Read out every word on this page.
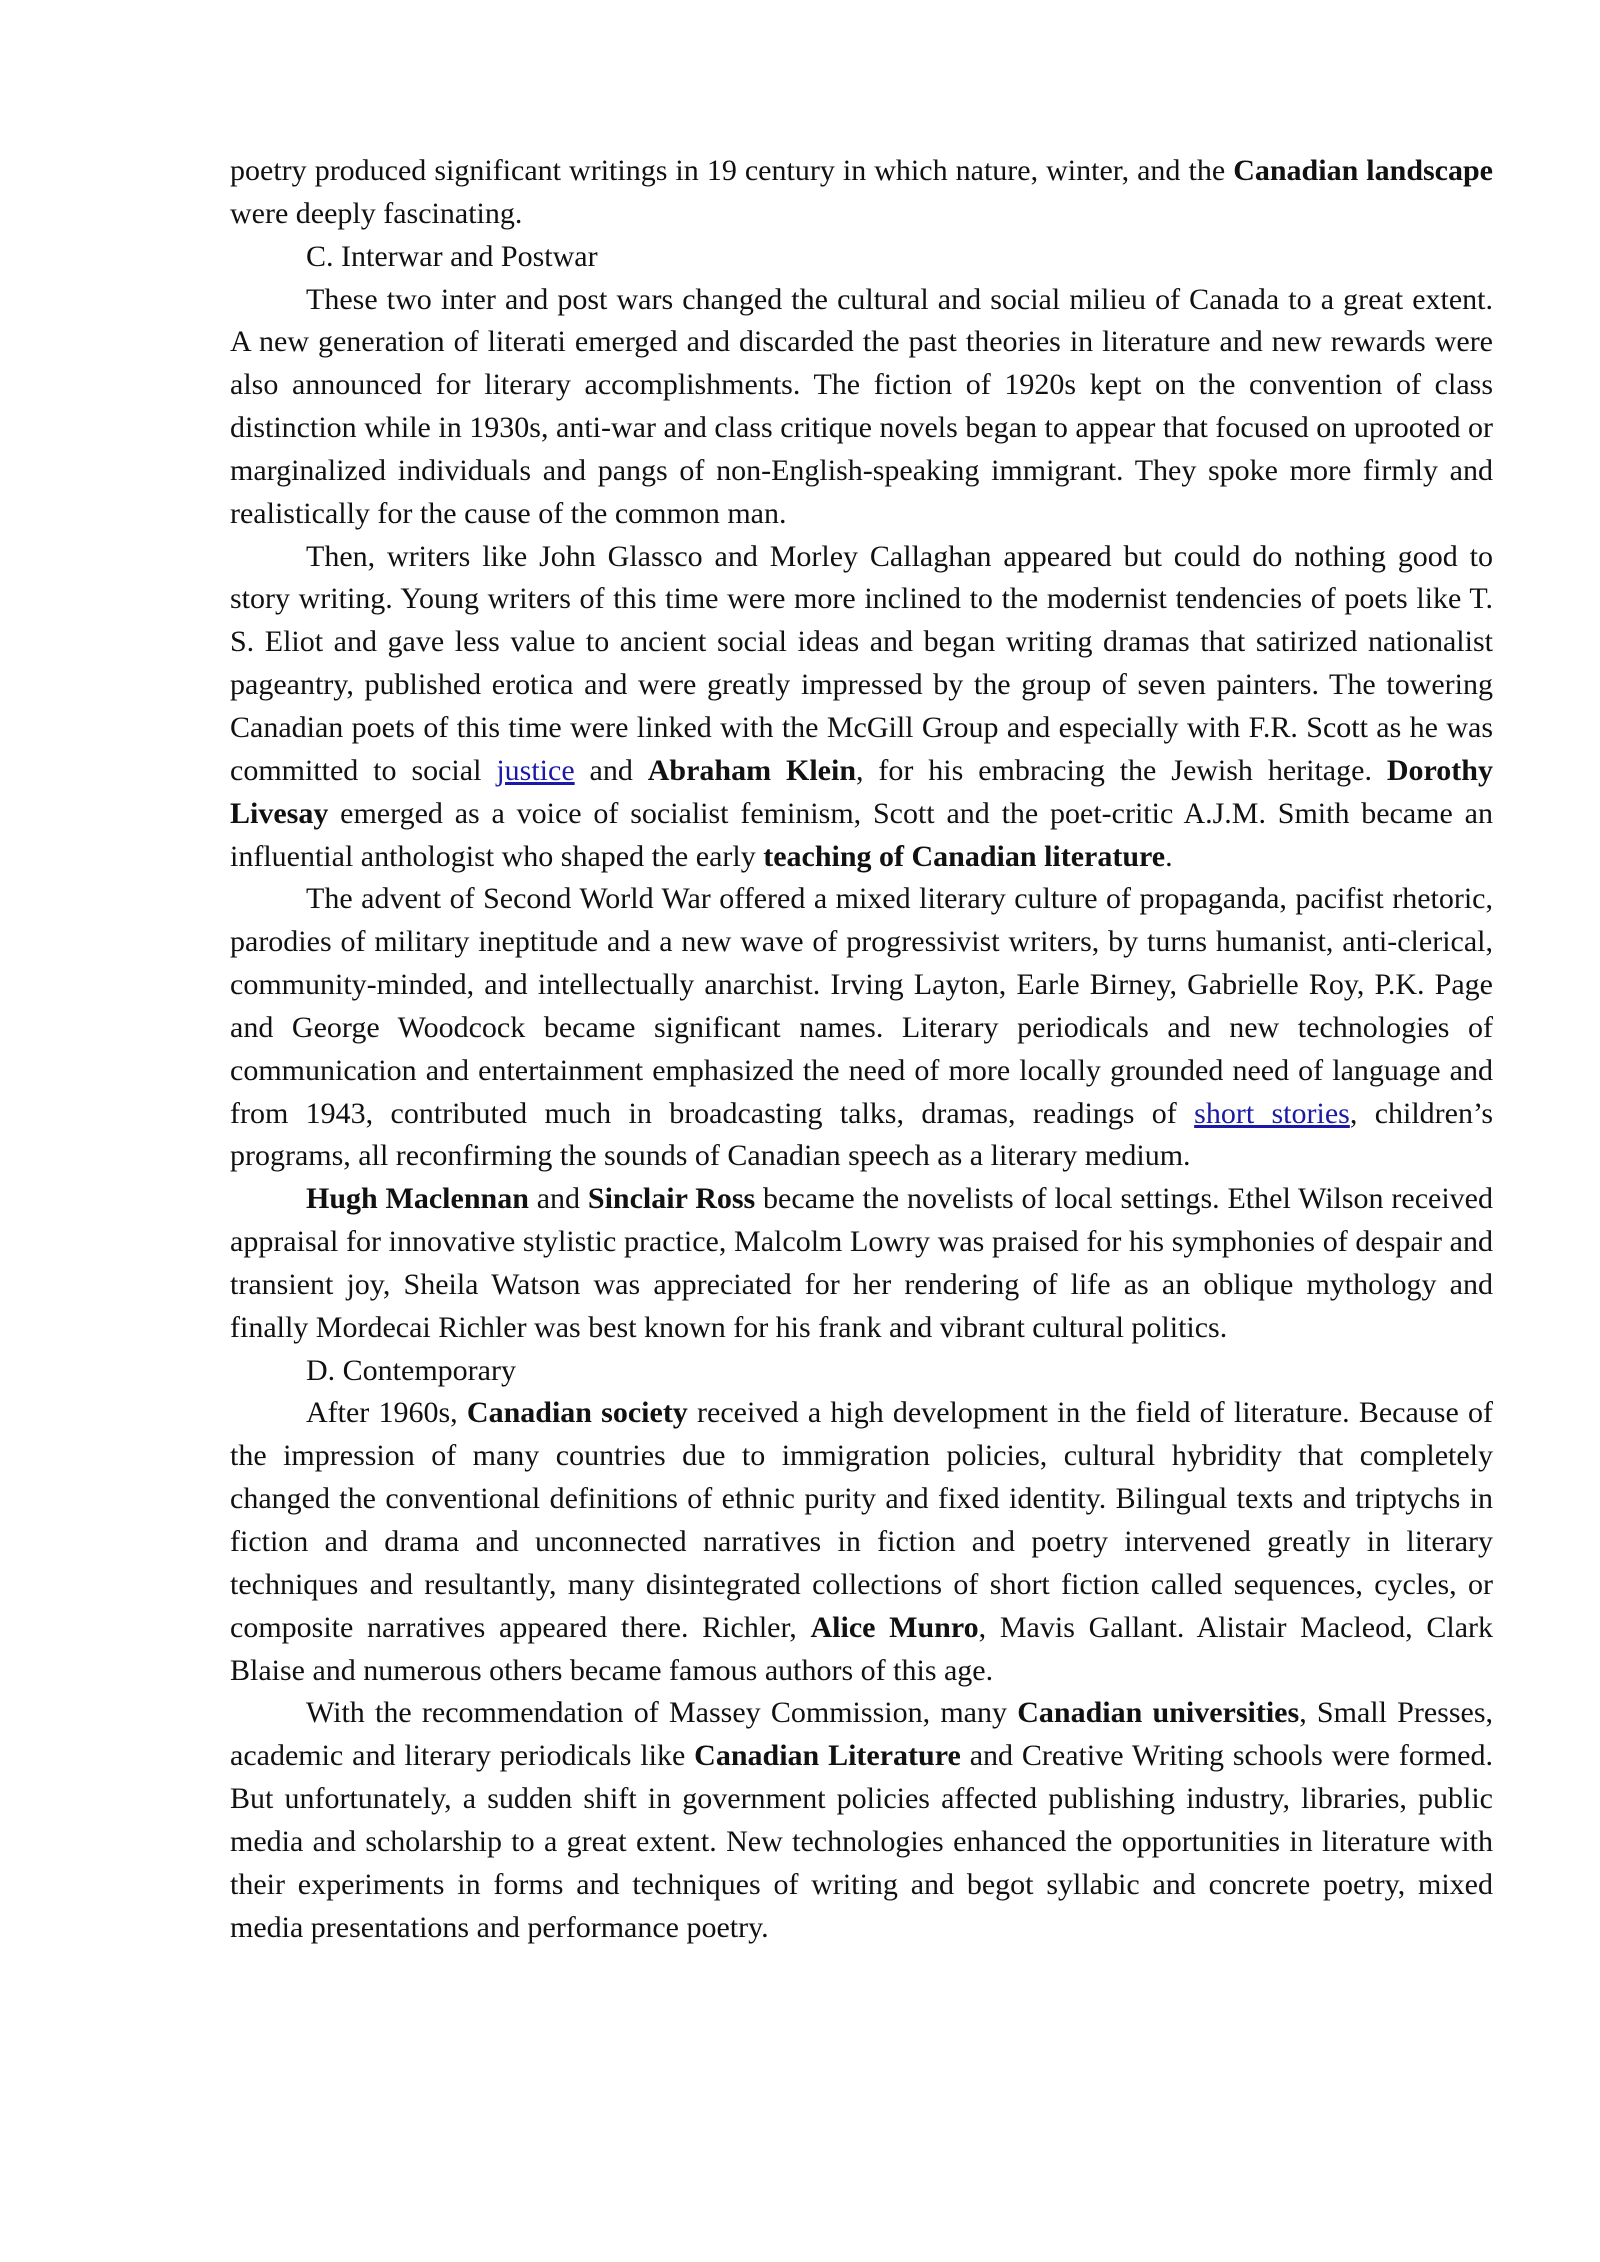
poetry produced significant writings in 19 century in which nature, winter, and the Canadian landscape were deeply fascinating.

C. Interwar and Postwar

These two inter and post wars changed the cultural and social milieu of Canada to a great extent. A new generation of literati emerged and discarded the past theories in literature and new rewards were also announced for literary accomplishments. The fiction of 1920s kept on the convention of class distinction while in 1930s, anti-war and class critique novels began to appear that focused on uprooted or marginalized individuals and pangs of non-English-speaking immigrant. They spoke more firmly and realistically for the cause of the common man.

Then, writers like John Glassco and Morley Callaghan appeared but could do nothing good to story writing. Young writers of this time were more inclined to the modernist tendencies of poets like T. S. Eliot and gave less value to ancient social ideas and began writing dramas that satirized nationalist pageantry, published erotica and were greatly impressed by the group of seven painters. The towering Canadian poets of this time were linked with the McGill Group and especially with F.R. Scott as he was committed to social justice and Abraham Klein, for his embracing the Jewish heritage. Dorothy Livesay emerged as a voice of socialist feminism, Scott and the poet-critic A.J.M. Smith became an influential anthologist who shaped the early teaching of Canadian literature.

The advent of Second World War offered a mixed literary culture of propaganda, pacifist rhetoric, parodies of military ineptitude and a new wave of progressivist writers, by turns humanist, anti-clerical, community-minded, and intellectually anarchist. Irving Layton, Earle Birney, Gabrielle Roy, P.K. Page and George Woodcock became significant names. Literary periodicals and new technologies of communication and entertainment emphasized the need of more locally grounded need of language and from 1943, contributed much in broadcasting talks, dramas, readings of short stories, children’s programs, all reconfirming the sounds of Canadian speech as a literary medium.

Hugh Maclennan and Sinclair Ross became the novelists of local settings. Ethel Wilson received appraisal for innovative stylistic practice, Malcolm Lowry was praised for his symphonies of despair and transient joy, Sheila Watson was appreciated for her rendering of life as an oblique mythology and finally Mordecai Richler was best known for his frank and vibrant cultural politics.

D. Contemporary

After 1960s, Canadian society received a high development in the field of literature. Because of the impression of many countries due to immigration policies, cultural hybridity that completely changed the conventional definitions of ethnic purity and fixed identity. Bilingual texts and triptychs in fiction and drama and unconnected narratives in fiction and poetry intervened greatly in literary techniques and resultantly, many disintegrated collections of short fiction called sequences, cycles, or composite narratives appeared there. Richler, Alice Munro, Mavis Gallant. Alistair Macleod, Clark Blaise and numerous others became famous authors of this age.

With the recommendation of Massey Commission, many Canadian universities, Small Presses, academic and literary periodicals like Canadian Literature and Creative Writing schools were formed. But unfortunately, a sudden shift in government policies affected publishing industry, libraries, public media and scholarship to a great extent. New technologies enhanced the opportunities in literature with their experiments in forms and techniques of writing and begot syllabic and concrete poetry, mixed media presentations and performance poetry.
